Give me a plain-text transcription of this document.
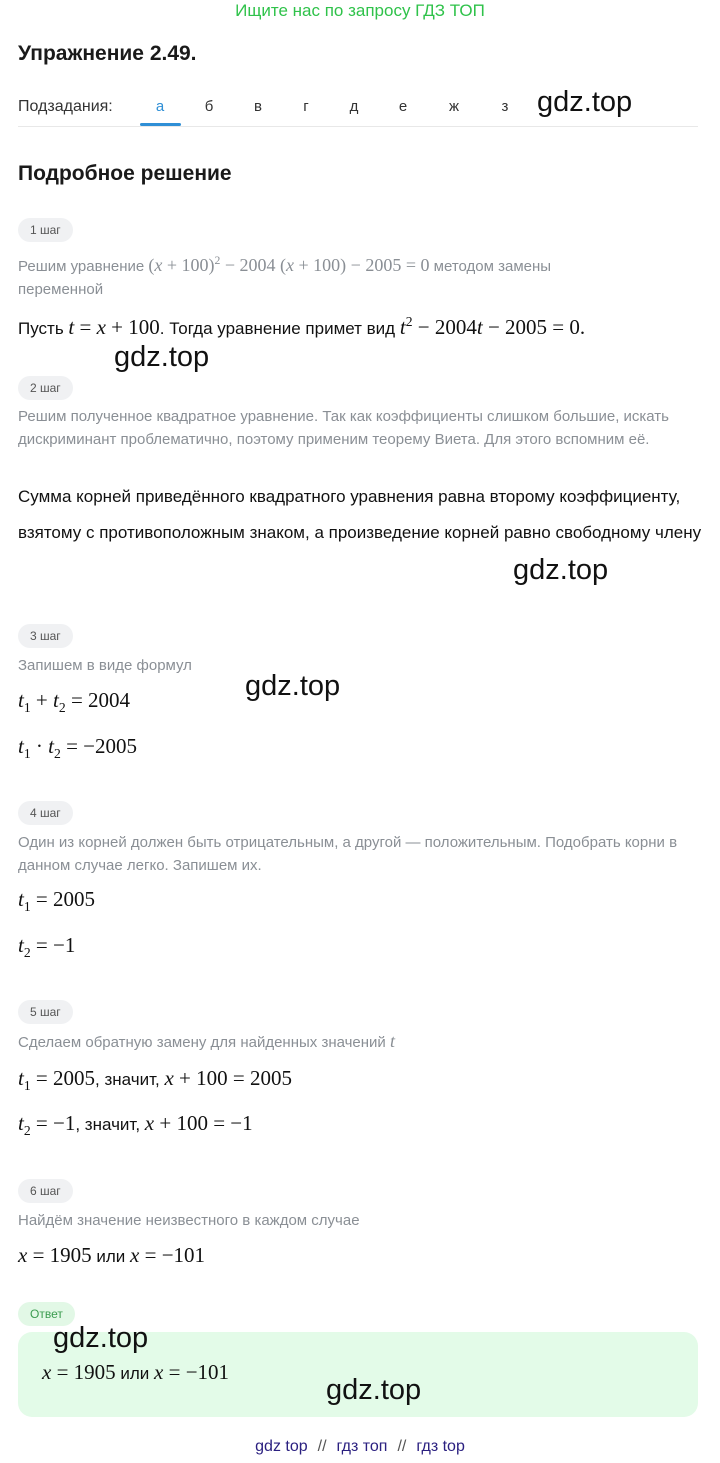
Ищите нас по запросу ГДЗ ТОП
Упражнение 2.49.
Подзадания:	а	б	в	г	д	е	ж	з gdz.top
Подробное решение
1 шаг
Решим уравнение $(x + 100)^2 - 2004$ (x + 100) − 2005 = 0 методом замены
переменной
Пусть t = x + 100. Тогда уравнение примет вид $t^2 - 2004t - 2005 = 0$.
gdz.top
2 шаг
Решим полученное квадратное уравнение. Так как коэффициенты слишком большие, искать дискриминант проблематично, поэтому применим теорему Виета. Для этого вспомним её.
Сумма корней приведённого квадратного уравнения равна второму коэффициенту, взятому с противоположным знаком, а произведение корней равно свободному члену
gdz.top
3 шаг
Запишем в виде формул
gdz.top
$t_1 + t_2 = 2004$
$t_1 \cdot t_2 = -2005$
4 шаг
Один из корней должен быть отрицательным, а другой — положительным. Подобрать корни в данном случае легко. Запишем их.
$t_1 = 2005$
$t_2 = -1$
5 шаг
Сделаем обратную замену для найденных значений t
$t_1 = 2005$, значит, x + 100 = 2005
$t_2 = -1$, значит, x + 100 = −1
6 шаг
Найдём значение неизвестного в каждом случае
x = 1905 или x = −101
Ответ
gdz.top
x = 1905 или x = −101
gdz.top
gdz top // гдз топ // гдз top
